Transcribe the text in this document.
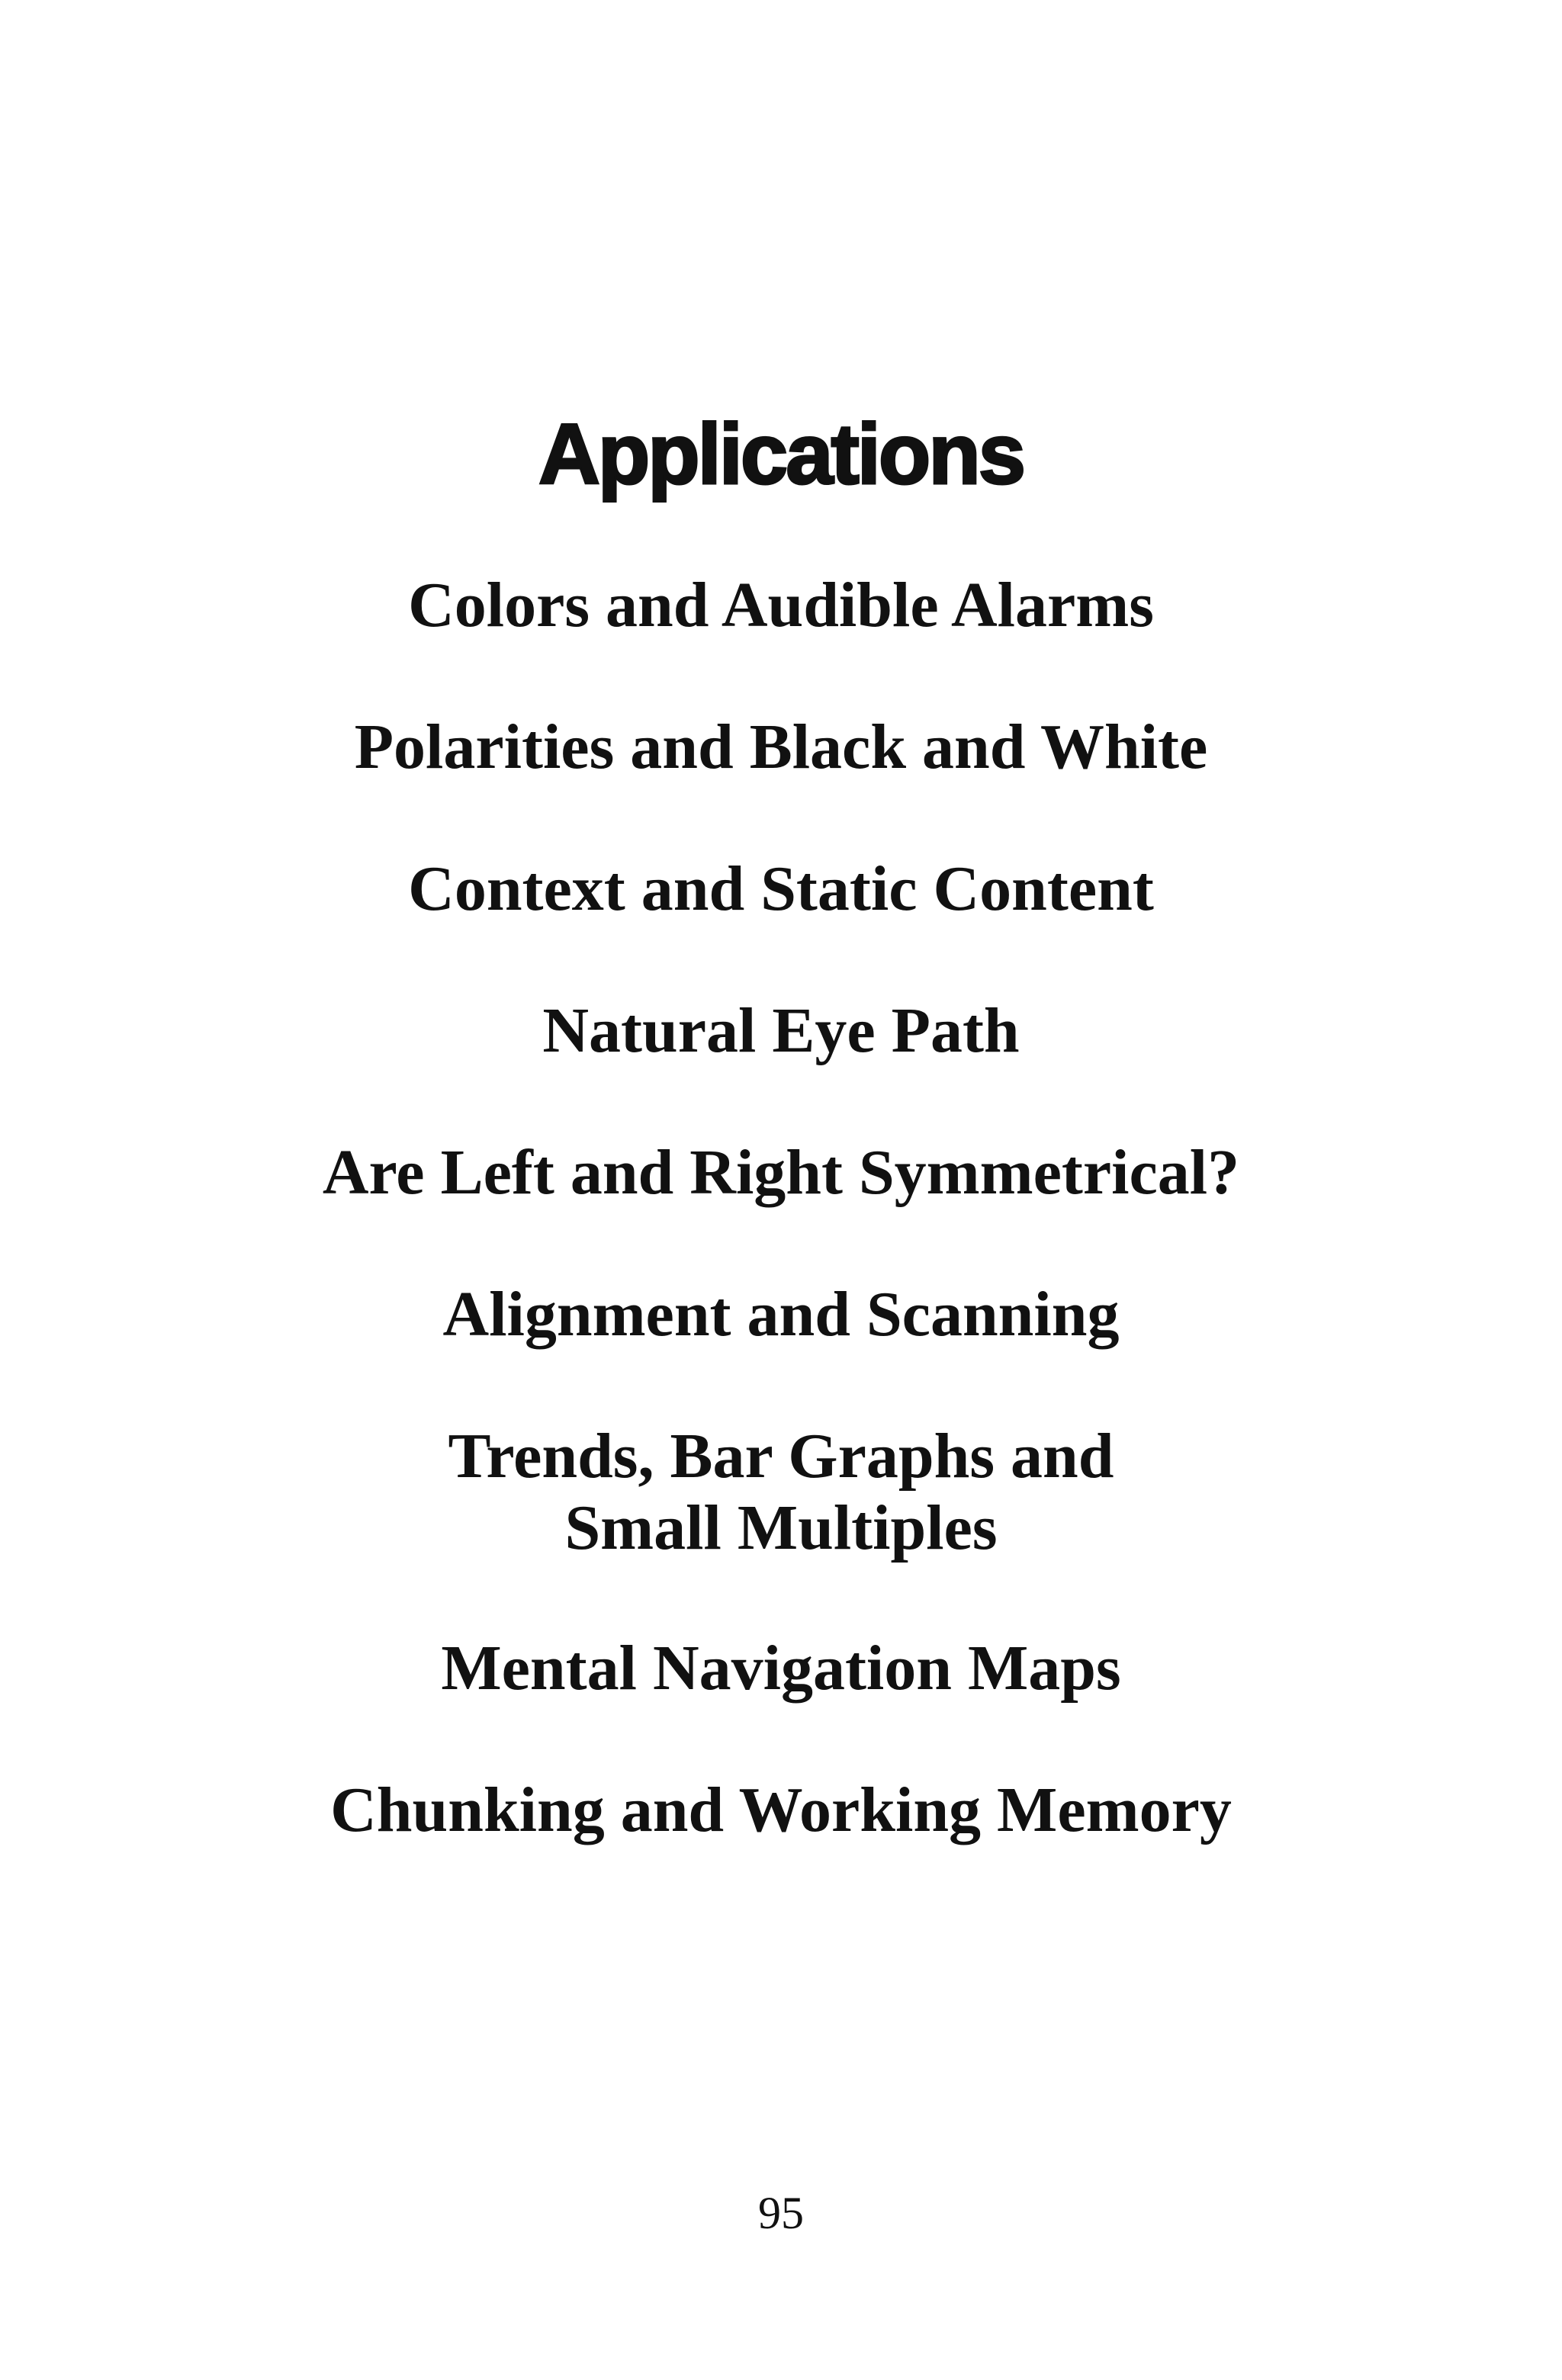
Applications
Colors and Audible Alarms
Polarities and Black and White
Context and Static Content
Natural Eye Path
Are Left and Right Symmetrical?
Alignment and Scanning
Trends, Bar Graphs and
Small Multiples
Mental Navigation Maps
Chunking and Working Memory
95
